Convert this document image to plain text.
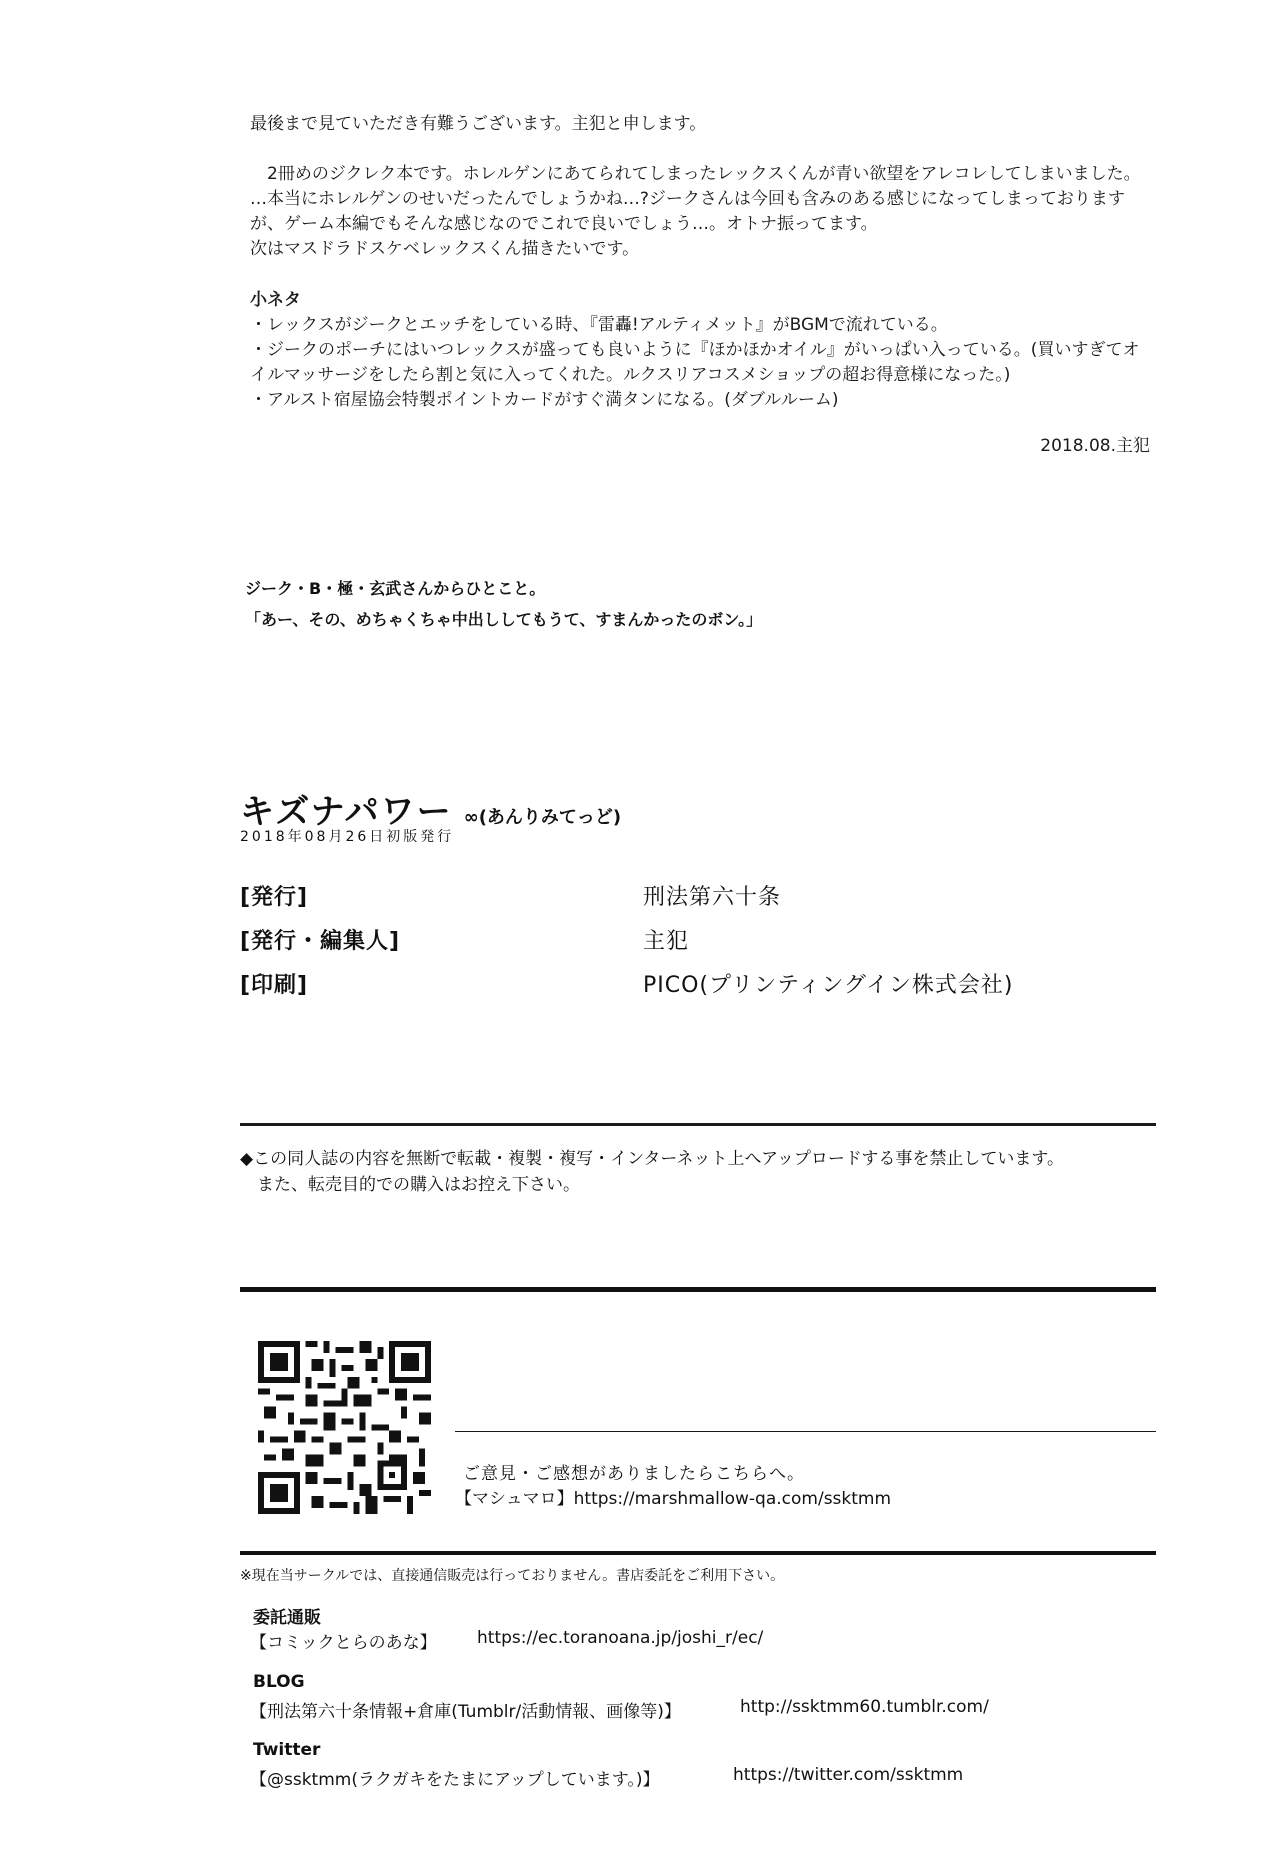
最後まで見ていただき有難うございます。主犯と申します。
　2冊めのジクレク本です。ホレルゲンにあてられてしまったレックスくんが青い欲望をアレコレしてしまいました。
…本当にホレルゲンのせいだったんでしょうかね…?ジークさんは今回も含みのある感じになってしまっております
が、ゲーム本編でもそんな感じなのでこれで良いでしょう…。オトナ振ってます。
次はマスドラドスケベレックスくん描きたいです。
小ネタ
・レックスがジークとエッチをしている時、『雷轟!アルティメット』がBGMで流れている。
・ジークのポーチにはいつレックスが盛っても良いように『ほかほかオイル』がいっぱい入っている。(買いすぎてオ
イルマッサージをしたら割と気に入ってくれた。ルクスリアコスメショップの超お得意様になった。)
・アルスト宿屋協会特製ポイントカードがすぐ満タンになる。(ダブルルーム)
2018.08.主犯
ジーク・B・極・玄武さんからひとこと。
「あー、その、めちゃくちゃ中出ししてもうて、すまんかったのボン。」
キズナパワー ∞(あんりみてっど)
2018年08月26日初版発行
[発行]	刑法第六十条
[発行・編集人]	主犯
[印刷]	PICO(プリンティングイン株式会社)
◆この同人誌の内容を無断で転載・複製・複写・インターネット上へアップロードする事を禁止しています。
　また、転売目的での購入はお控え下さい。
ご意見・ご感想がありましたらこちらへ。
【マシュマロ】https://marshmallow-qa.com/ssktmm
※現在当サークルでは、直接通信販売は行っておりません。書店委託をご利用下さい。
委託通販
【コミックとらのあな】 https://ec.toranoana.jp/joshi_r/ec/
BLOG
【刑法第六十条情報+倉庫(Tumblr/活動情報、画像等)】	http://ssktmm60.tumblr.com/
Twitter
【@ssktmm(ラクガキをたまにアップしています。)】	https://twitter.com/ssktmm
